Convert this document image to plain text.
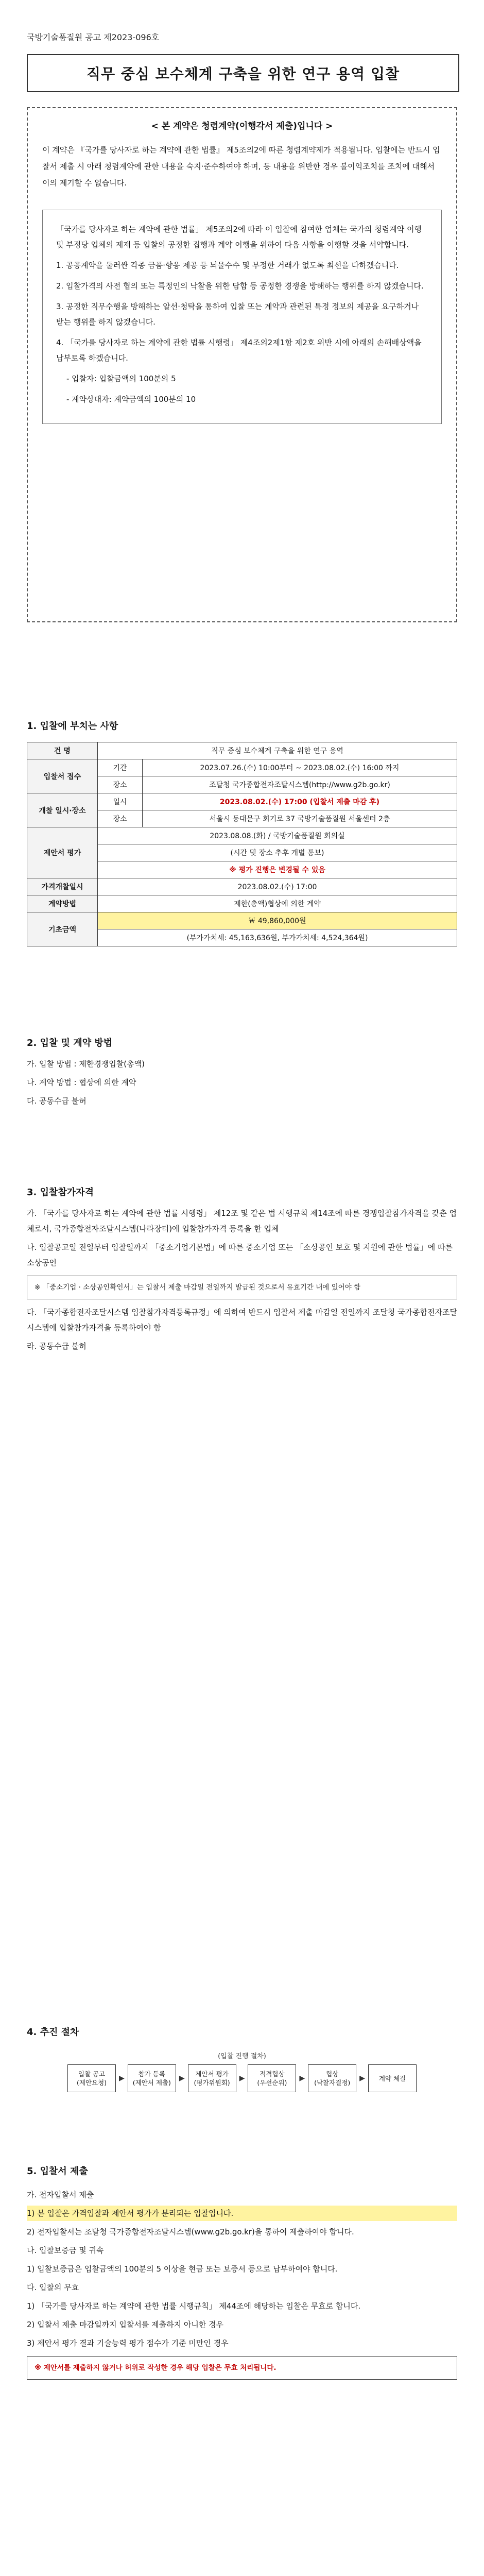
국방기술품질원 공고 제2023-096호
직무 중심 보수체계 구축을 위한 연구 용역 입찰
< 본 계약은 청렴계약(이행각서 제출)입니다 >

이 계약은 『국가를 당사자로 하는 계약에 관한 법률』 제5조의2에 따른 청렴계약제가 적용됩니다. 입찰에는 반드시 입찰서 제출 시 아래 청렴계약에 관한 내용을 숙지·준수하여야 하며, 동 내용을 위반한 경우 불이익조치를 조치에 대해서 이의 제기할 수 없습니다.

「국가를 당사자로 하는 계약에 관한 법률」 제5조의2에 따라 이 입찰에 참여한 업체는 국가의 청렴계약 이행 및 부정당 업체의 제재 등 입찰의 공정한 집행과 계약 이행을 위하여 다음 사항을 이행할 것을 서약합니다.

1. 공공계약을 둘러싼 각종 금품·향응 제공 등 뇌물수수 및 부정한 거래가 없도록 최선을 다하겠습니다.

2. 입찰가격의 사전 협의 또는 특정인의 낙찰을 위한 담합 등 공정한 경쟁을 방해하는 행위를 하지 않겠습니다.

3. 공정한 직무수행을 방해하는 알선·청탁을 통하여 입찰 또는 계약과 관련된 특정 정보의 제공을 요구하거나 받는 행위를 하지 않겠습니다.

4. 「국가를 당사자로 하는 계약에 관한 법률 시행령」 제4조의2제1항 제2호 위반 시에 아래의 손해배상액을 납부토록 하겠습니다.

- 입찰자: 입찰금액의 100분의 5

- 계약상대자: 계약금액의 100분의 10

1. 입찰에 부치는 사항
건 명	직무 중심 보수체계 구축을 위한 연구 용역	
입찰서 접수	기간	2023.07.26.(수) 10:00부터 ~ 2023.08.02.(수) 16:00 까지
	장소	조달청 국가종합전자조달시스템(http://www.g2b.go.kr)
개찰 일시·장소	일시	2023.08.02.(수) 17:00 (입찰서 제출 마감 후)
	장소	서울시 동대문구 회기로 37 국방기술품질원 서울센터 2층
제안서 평가	2023.08.08.(화) / 국방기술품질원 회의실	
	(시간 및 장소 추후 개별 통보)	
	※ 평가 진행은 변경될 수 있음	
가격개찰일시	2023.08.02.(수) 17:00	
계약방법	제한(총액)협상에 의한 계약	
기초금액	￦ 49,860,000원	
	(부가가치세: 45,163,636원, 부가가치세: 4,524,364원)	
2. 입찰 및 계약 방법

가. 입찰 방법 : 제한경쟁입찰(총액)

나. 계약 방법 : 협상에 의한 계약

다. 공동수급 불허

3. 입찰참가자격

가. 「국가를 당사자로 하는 계약에 관한 법률 시행령」 제12조 및 같은 법 시행규칙 제14조에 따른 경쟁입찰참가자격을 갖춘 업체로서, 국가종합전자조달시스템(나라장터)에 입찰참가자격 등록을 한 업체

나. 입찰공고일 전일부터 입찰일까지 「중소기업기본법」에 따른 중소기업 또는 「소상공인 보호 및 지원에 관한 법률」에 따른 소상공인

※ 「중소기업 · 소상공인확인서」는 입찰서 제출 마감일 전일까지 발급된 것으로서 유효기간 내에 있어야 함

다. 「국가종합전자조달시스템 입찰참가자격등록규정」에 의하여 반드시 입찰서 제출 마감일 전일까지 조달청 국가종합전자조달시스템에 입찰참가자격을 등록하여야 함

라. 공동수급 불허

4. 추진 절차
(입찰 진행 절차)
입찰 공고
(제안요청)
▶
참가 등록
(제안서 제출)
▶
제안서 평가
(평가위원회)
▶
적격협상
(우선순위)
▶
협상
(낙찰자결정)
▶	계약 체결
5. 입찰서 제출

가. 전자입찰서 제출

1) 본 입찰은 가격입찰과 제안서 평가가 분리되는 입찰입니다.

2) 전자입찰서는 조달청 국가종합전자조달시스템(www.g2b.go.kr)을 통하여 제출하여야 합니다.

나. 입찰보증금 및 귀속

1) 입찰보증금은 입찰금액의 100분의 5 이상을 현금 또는 보증서 등으로 납부하여야 합니다.

다. 입찰의 무효

1) 「국가를 당사자로 하는 계약에 관한 법률 시행규칙」 제44조에 해당하는 입찰은 무효로 합니다.

2) 입찰서 제출 마감일까지 입찰서를 제출하지 아니한 경우

3) 제안서 평가 결과 기술능력 평가 점수가 기준 미만인 경우

※ 제안서를 제출하지 않거나 허위로 작성한 경우 해당 입찰은 무효 처리됩니다.
